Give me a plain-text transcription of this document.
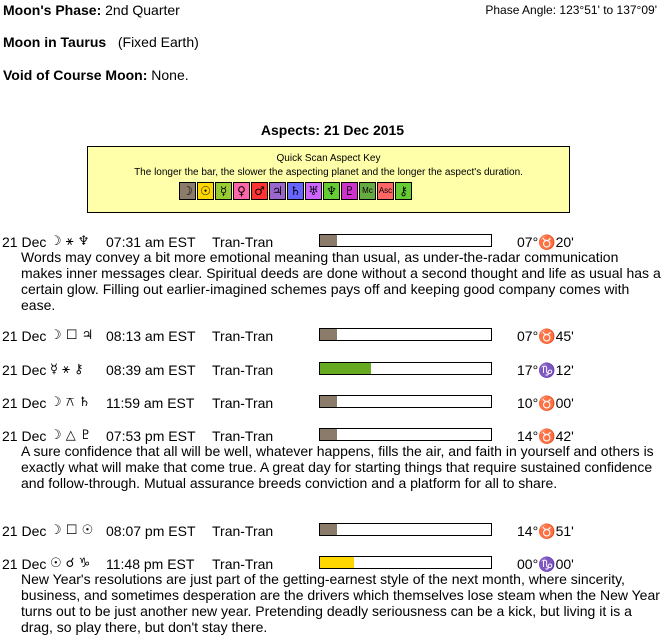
Moon's Phase: 2nd Quarter	Phase Angle: 123°51' to 137°09'
Moon in Taurus (Fixed Earth)
Void of Course Moon: None.
Aspects: 21 Dec 2015
Quick Scan Aspect Key
The longer the bar, the slower the aspecting planet and the longer the aspect's duration.
☽ ☉ ☿ ♀ ♂ ♃ ♄ ♅ ♆ ♇ Mc Asc ⚷
21 Dec ☽ ⚹ ♆ 07:31 am EST Tran-Tran	07°♉20'
Words may convey a bit more emotional meaning than usual, as under-the-radar communication makes inner messages clear. Spiritual deeds are done without a second thought and life as usual has a certain glow. Filling out earlier-imagined schemes pays off and keeping good company comes with ease.
21 Dec ☽ ☐ ♃ 08:13 am EST Tran-Tran	07°♉45'
21 Dec ☿ ⚹ ⚷ 08:39 am EST Tran-Tran	17°♑12'
21 Dec ☽ ⚻ ♄ 11:59 am EST Tran-Tran	10°♉00'
21 Dec ☽ △ ♇ 07:53 pm EST Tran-Tran	14°♉42'
A sure confidence that all will be well, whatever happens, fills the air, and faith in yourself and others is exactly what will make that come true. A great day for starting things that require sustained confidence and follow-through. Mutual assurance breeds conviction and a platform for all to share.
21 Dec ☽ ☐ ☉ 08:07 pm EST Tran-Tran	14°♉51'
21 Dec ☉ ☌ ♑ 11:48 pm EST Tran-Tran	00°♑00'
New Year's resolutions are just part of the getting-earnest style of the next month, where sincerity, business, and sometimes desperation are the drivers which themselves lose steam when the New Year turns out to be just another new year. Pretending deadly seriousness can be a kick, but living it is a drag, so play there, but don't stay there.
